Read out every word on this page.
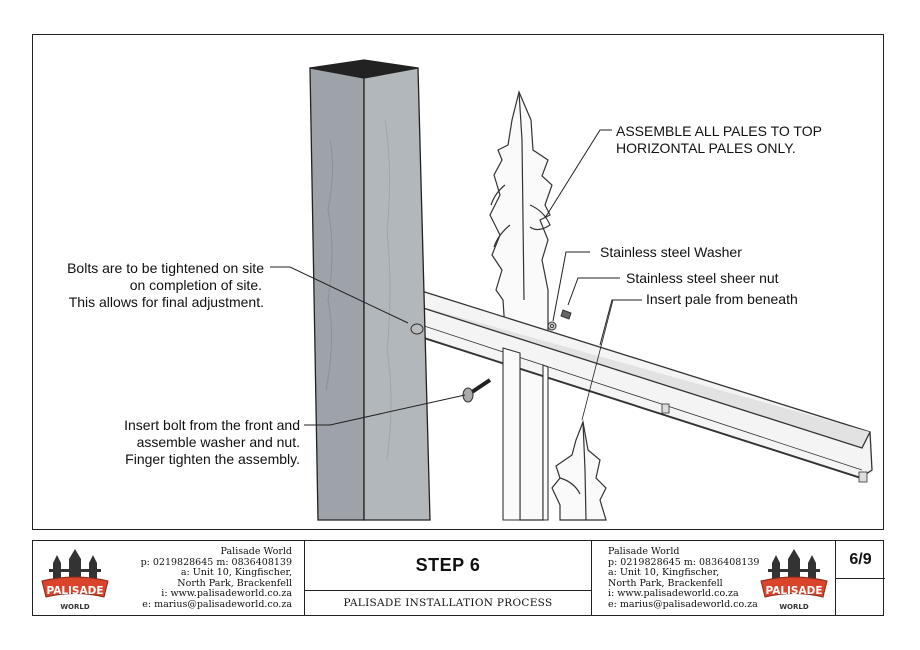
ASSEMBLE ALL PALES TO TOP
HORIZONTAL PALES ONLY.
Stainless steel Washer
Stainless steel sheer nut
Insert pale from beneath
Bolts are to be tightened on site
on completion of site.
This allows for final adjustment.
Insert bolt from the front and
assemble washer and nut.
Finger tighten the assembly.
PALISADE
WORLD
Palisade World
p: 0219828645 m: 0836408139
a: Unit 10, Kingfischer,
North Park, Brackenfell
i: www.palisadeworld.co.za
e: marius@palisadeworld.co.za
STEP 6
PALISADE INSTALLATION PROCESS
Palisade World
p: 0219828645 m: 0836408139
a: Unit 10, Kingfischer,
North Park, Brackenfell
i: www.palisadeworld.co.za
e: marius@palisadeworld.co.za
PALISADE
WORLD
6/9
